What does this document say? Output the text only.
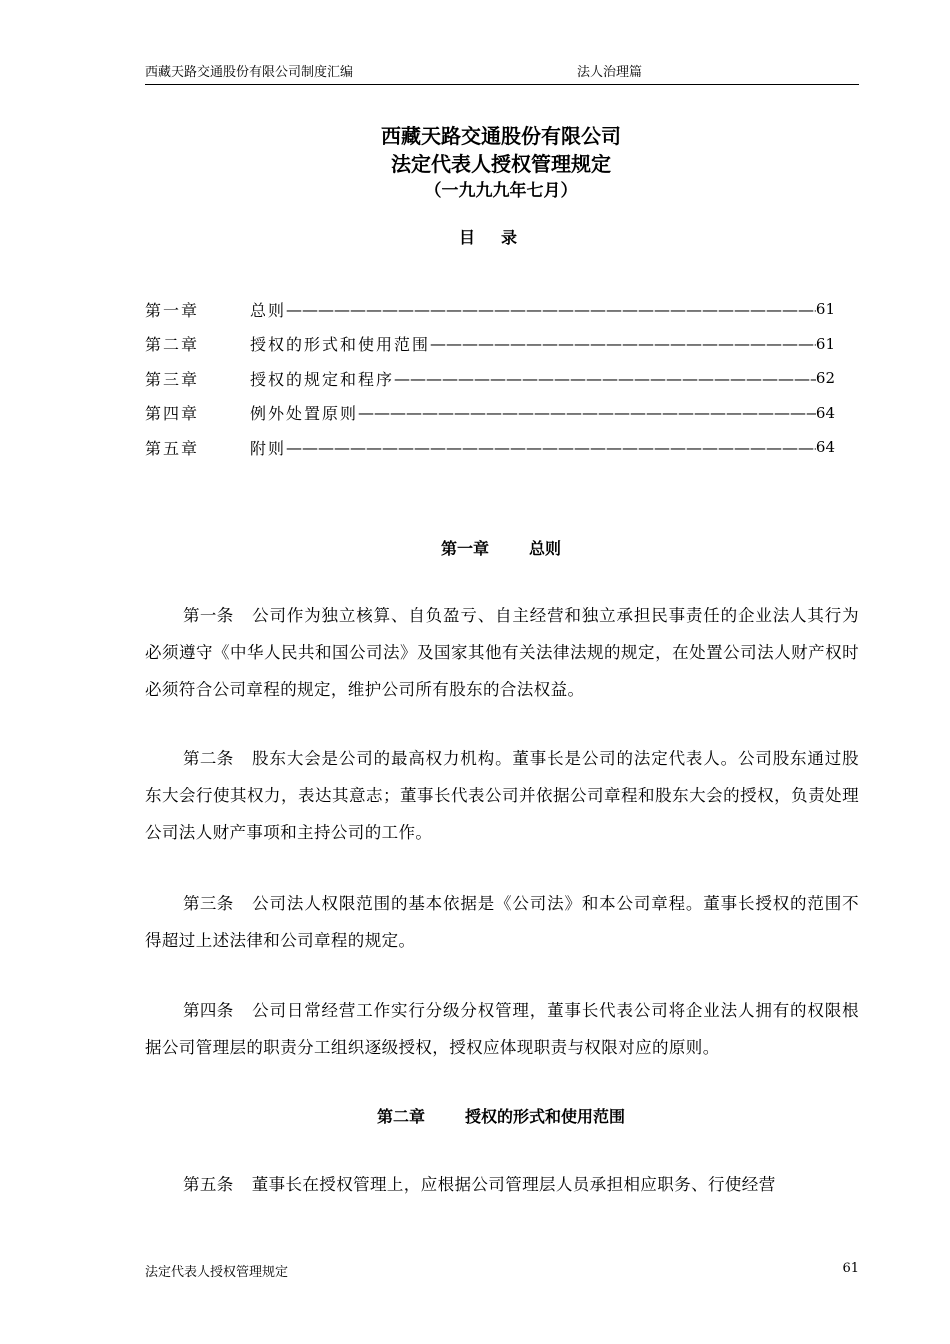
西藏天路交通股份有限公司制度汇编	法人治理篇
西藏天路交通股份有限公司
法定代表人授权管理规定
（一九九九年七月）
目录
第一章	总则 —————	61
第二章	授权的形式和使用范围 —————	61
第三章	授权的规定和程序 —————	62
第四章	例外处置原则 —————	64
第五章	附则 —————	64
第一章	总则
第一条 公司作为独立核算、自负盈亏、自主经营和独立承担民事责任的企业法人其行为必须遵守《中华人民共和国公司法》及国家其他有关法律法规的规定，在处置公司法人财产权时必须符合公司章程的规定，维护公司所有股东的合法权益。
第二条 股东大会是公司的最高权力机构。董事长是公司的法定代表人。公司股东通过股东大会行使其权力，表达其意志；董事长代表公司并依据公司章程和股东大会的授权，负责处理公司法人财产事项和主持公司的工作。
第三条 公司法人权限范围的基本依据是《公司法》和本公司章程。董事长授权的范围不得超过上述法律和公司章程的规定。
第四条 公司日常经营工作实行分级分权管理，董事长代表公司将企业法人拥有的权限根据公司管理层的职责分工组织逐级授权，授权应体现职责与权限对应的原则。
第二章	授权的形式和使用范围
第五条 董事长在授权管理上，应根据公司管理层人员承担相应职务、行使经营
法定代表人授权管理规定	61
